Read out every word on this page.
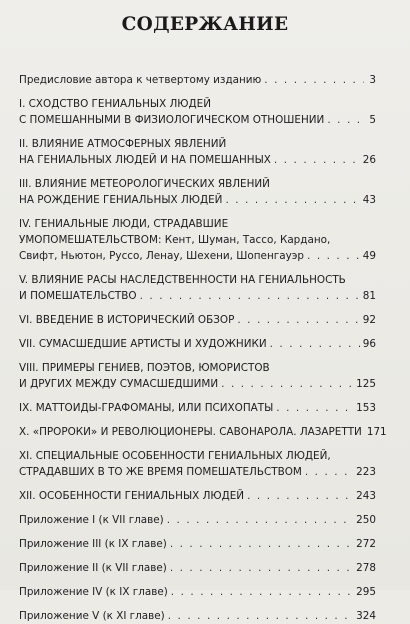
СОДЕРЖАНИЕ
Предисловие автора к четвертому изданию . . .	3
I. СХОДСТВО ГЕНИАЛЬНЫХ ЛЮДЕЙ
С ПОМЕШАННЫМИ В ФИЗИОЛОГИЧЕСКОМ ОТНОШЕНИИ . . .	5
II. ВЛИЯНИЕ АТМОСФЕРНЫХ ЯВЛЕНИЙ
НА ГЕНИАЛЬНЫХ ЛЮДЕЙ И НА ПОМЕШАННЫХ . . .	26
III. ВЛИЯНИЕ МЕТЕОРОЛОГИЧЕСКИХ ЯВЛЕНИЙ
НА РОЖДЕНИЕ ГЕНИАЛЬНЫХ ЛЮДЕЙ . . .	43
IV. ГЕНИАЛЬНЫЕ ЛЮДИ, СТРАДАВШИЕ
УМОПОМЕШАТЕЛЬСТВОМ: Кент, Шуман, Тассо, Кардано,
Свифт, Ньютон, Руссо, Ленау, Шехени, Шопенгауэр . . .	49
V. ВЛИЯНИЕ РАСЫ НАСЛЕДСТВЕННОСТИ НА ГЕНИАЛЬНОСТЬ
И ПОМЕШАТЕЛЬСТВО . . .	81
VI. ВВЕДЕНИЕ В ИСТОРИЧЕСКИЙ ОБЗОР . . .	92
VII. СУМАСШЕДШИЕ АРТИСТЫ И ХУДОЖНИКИ . . .	96
VIII. ПРИМЕРЫ ГЕНИЕВ, ПОЭТОВ, ЮМОРИСТОВ
И ДРУГИХ МЕЖДУ СУМАСШЕДШИМИ . . .	125
IX. МАТТОИДЫ-ГРАФОМАНЫ, ИЛИ ПСИХОПАТЫ . . .	153
X. «ПРОРОКИ» И РЕВОЛЮЦИОНЕРЫ. САВОНАРОЛА. ЛАЗАРЕТТИ 171
XI. СПЕЦИАЛЬНЫЕ ОСОБЕННОСТИ ГЕНИАЛЬНЫХ ЛЮДЕЙ,
СТРАДАВШИХ В ТО ЖЕ ВРЕМЯ ПОМЕШАТЕЛЬСТВОМ . . .	223
XII. ОСОБЕННОСТИ ГЕНИАЛЬНЫХ ЛЮДЕЙ . . .	243
Приложение I (к VII главе) . . .	250
Приложение III (к IX главе) . . .	272
Приложение II (к VII главе) . . .	278
Приложение IV (к IX главе) . . .	295
Приложение V (к XI главе) . . .	324
